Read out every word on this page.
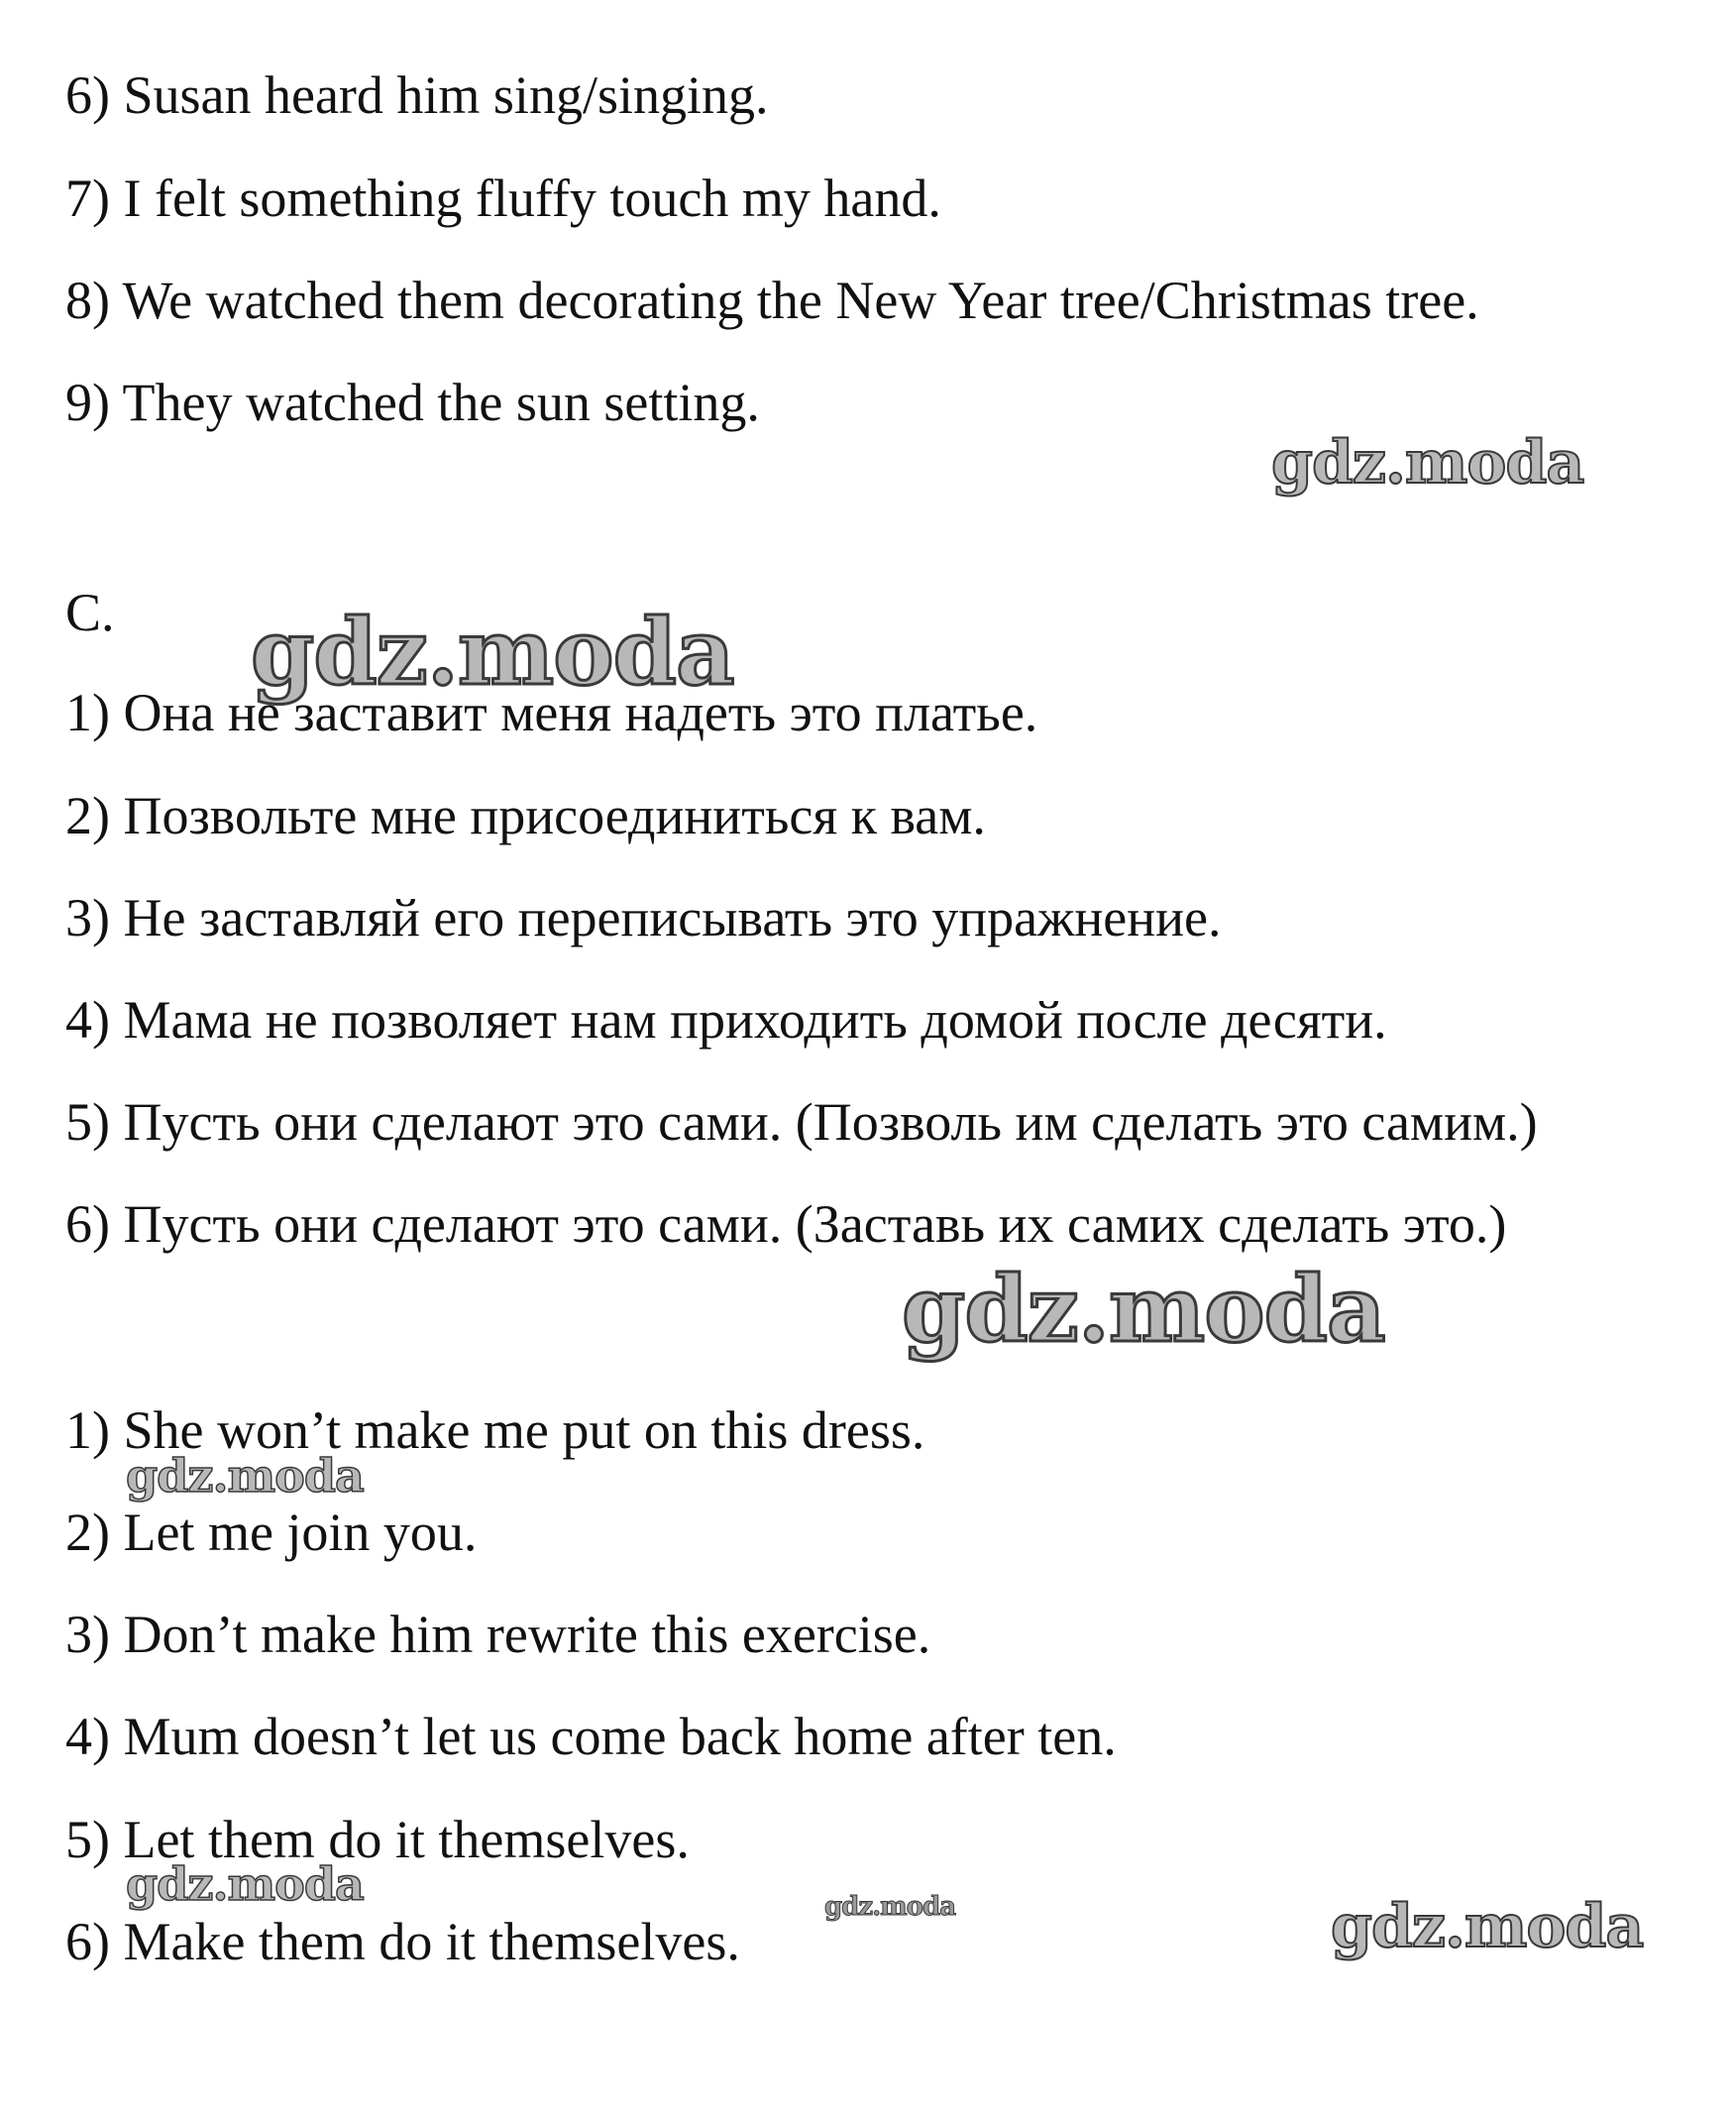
6) Susan heard him sing/singing.
7) I felt something fluffy touch my hand.
8) We watched them decorating the New Year tree/Christmas tree.
9) They watched the sun setting.
C.
1) Она не заставит меня надеть это платье.
2) Позвольте мне присоединиться к вам.
3) Не заставляй его переписывать это упражнение.
4) Мама не позволяет нам приходить домой после десяти.
5) Пусть они сделают это сами. (Позволь им сделать это самим.)
6) Пусть они сделают это сами. (Заставь их самих сделать это.)
1) She won’t make me put on this dress.
2) Let me join you.
3) Don’t make him rewrite this exercise.
4) Mum doesn’t let us come back home after ten.
5) Let them do it themselves.
6) Make them do it themselves.
gdz.moda
gdz.moda
gdz.moda
gdz.moda
gdz.moda	gdz.moda	gdz.moda
